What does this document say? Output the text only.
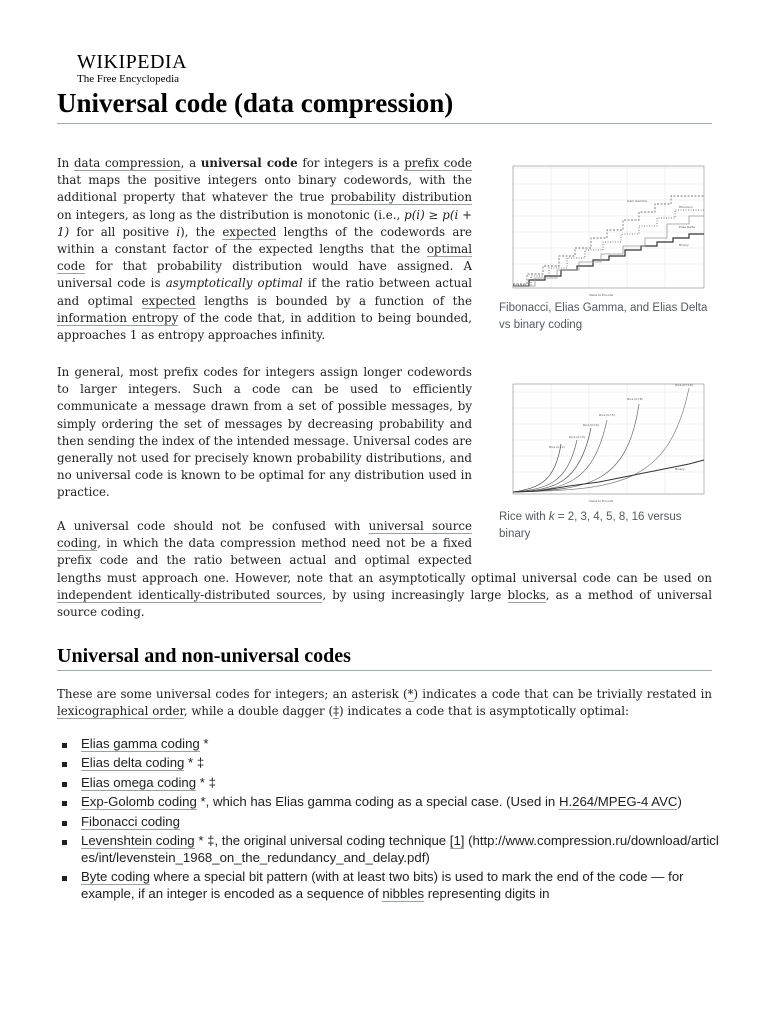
WIKIPEDIA
The Free Encyclopedia
Universal code (data compression)

In data compression, a universal code for integers is a prefix code that maps the positive integers onto binary codewords, with the additional property that whatever the true probability distribution on integers, as long as the distribution is monotonic (i.e., p(i) ≥ p(i + 1) for all positive i), the expected lengths of the codewords are within a constant factor of the expected lengths that the optimal code for that probability distribution would have assigned. A universal code is asymptotically optimal if the ratio between actual and optimal expected lengths is bounded by a function of the information entropy of the code that, in addition to being bounded, approaches 1 as entropy approaches infinity.

In general, most prefix codes for integers assign longer codewords to larger integers. Such a code can be used to efficiently communicate a message drawn from a set of possible messages, by simply ordering the set of messages by decreasing probability and then sending the index of the intended message. Universal codes are generally not used for precisely known probability distributions, and no universal code is known to be optimal for any distribution used in practice.

A universal code should not be confused with universal source coding, in which the data compression method need not be a fixed prefix code and the ratio between actual and optimal expected lengths must approach one. However, note that an asymptotically optimal universal code can be used on independent identically-distributed sources, by using increasingly large blocks, as a method of universal source coding.

Gam Gamma
Fibonacci
Elias Delta
Binary
Value to Encode
Fibonacci, Elias Gamma, and Elias Delta vs binary coding
Rice (k=2)
Rice (k=3)
Rice (k=4)
Rice (k=5)
Rice (k=8)
Rice (k=16)
Binary
Value to Encode
Rice with k = 2, 3, 4, 5, 8, 16 versus binary
Universal and non-universal codes

These are some universal codes for integers; an asterisk (*) indicates a code that can be trivially restated in lexicographical order, while a double dagger (‡) indicates a code that is asymptotically optimal:

Elias gamma coding *
Elias delta coding * ‡
Elias omega coding * ‡
Exp-Golomb coding *, which has Elias gamma coding as a special case. (Used in H.264/MPEG-4 AVC)
Fibonacci coding
Levenshtein coding * ‡, the original universal coding technique [1] (http://www.compression.ru/download/articles/int/levenstein_1968_on_the_redundancy_and_delay.pdf)
Byte coding where a special bit pattern (with at least two bits) is used to mark the end of the code — for example, if an integer is encoded as a sequence of nibbles representing digits in
